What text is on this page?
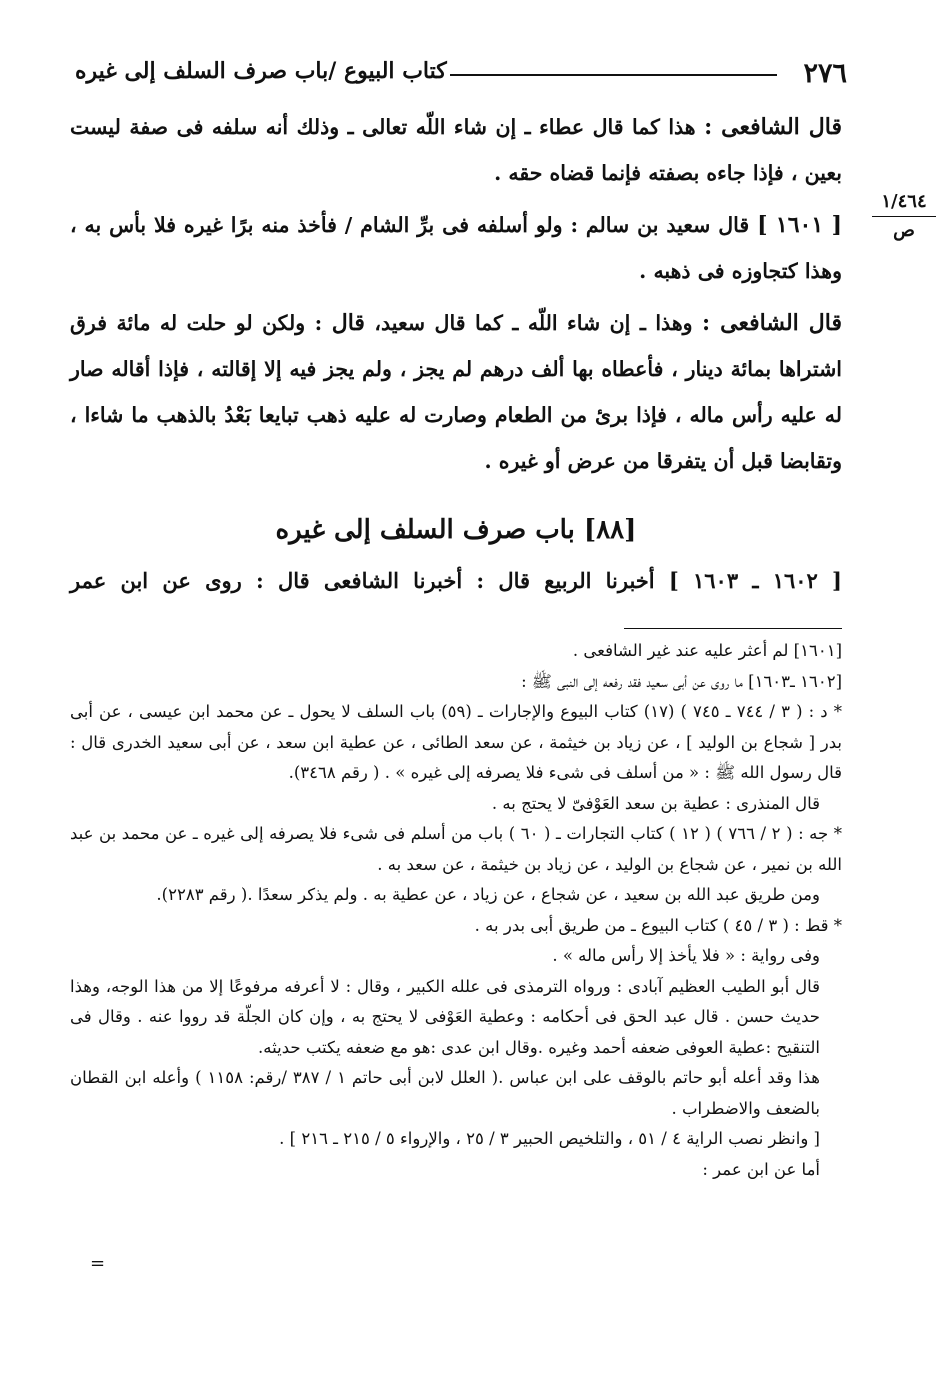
٢٧٦
كتاب البيوع /باب صرف السلف إلى غيره
١/٤٦٤
ص

قال الشافعى : هذا كما قال عطاء ـ إن شاء اللّه تعالى ـ وذلك أنه سلفه فى صفة ليست بعين ، فإذا جاءه بصفته فإنما قضاه حقه .

[ ١٦٠١ ] قال سعيد بن سالم : ولو أسلفه فى برِّ الشام / فأخذ منه برًا غيره فلا بأس به ، وهذا كتجاوزه فى ذهبه .

قال الشافعى : وهذا ـ إن شاء اللّه ـ كما قال سعيد، قال : ولكن لو حلت له مائة فرق اشتراها بمائة دينار ، فأعطاه بها ألف درهم لم يجز ، ولم يجز فيه إلا إقالته ، فإذا أقاله صار له عليه رأس ماله ، فإذا برئ من الطعام وصارت له عليه ذهب تبايعا بَعْدُ بالذهب ما شاءا ، وتقابضا قبل أن يتفرقا من عرض أو غيره .

[٨٨] باب صرف السلف إلى غيره
[ ١٦٠٢ ـ ١٦٠٣ ] أخبرنا الربيع قال : أخبرنا الشافعى قال : روى عن ابن عمر

[١٦٠١] لم أعثر عليه عند غير الشافعى .

[١٦٠٢ ـ١٦٠٣] ما روى عن أبى سعيد فقد رفعه إلى النبى ﷺ :

* د : ( ٣ / ٧٤٤ ـ ٧٤٥ ) (١٧) كتاب البيوع والإجارات ـ (٥٩) باب السلف لا يحول ـ عن محمد ابن عيسى ، عن أبى بدر [ شجاع بن الوليد ] ، عن زياد بن خيثمة ، عن سعد الطائى ، عن عطية ابن سعد ، عن أبى سعيد الخدرى قال : قال رسول الله ﷺ : « من أسلف فى شىء فلا يصرفه إلى غيره » . ( رقم ٣٤٦٨).

قال المنذرى : عطية بن سعد العَوْفىّ لا يحتج به .

* جه : ( ٢ / ٧٦٦ ) ( ١٢ ) كتاب التجارات ـ ( ٦٠ ) باب من أسلم فى شىء فلا يصرفه إلى غيره ـ عن محمد بن عبد الله بن نمير ، عن شجاع بن الوليد ، عن زياد بن خيثمة ، عن سعد به .

ومن طريق عبد الله بن سعيد ، عن شجاع ، عن زياد ، عن عطية به . ولم يذكر سعدًا .( رقم ٢٢٨٣).

* قط : ( ٣ / ٤٥ ) كتاب البيوع ـ من طريق أبى بدر به .

وفى رواية : « فلا يأخذ إلا رأس ماله » .

قال أبو الطيب العظيم آبادى : ورواه الترمذى فى علله الكبير ، وقال : لا أعرفه مرفوعًا إلا من هذا الوجه، وهذا حديث حسن . قال عبد الحق فى أحكامه : وعطية العَوْفى لا يحتج به ، وإن كان الجلّة قد رووا عنه . وقال فى التنقيح :عطية العوفى ضعفه أحمد وغيره .وقال ابن عدى :هو مع ضعفه يكتب حديثه.

هذا وقد أعله أبو حاتم بالوقف على ابن عباس .( العلل لابن أبى حاتم ١ / ٣٨٧ /رقم: ١١٥٨ ) وأعله ابن القطان بالضعف والاضطراب .

[ وانظر نصب الراية ٤ / ٥١ ، والتلخيص الحبير ٣ / ٢٥ ، والإرواء ٥ / ٢١٥ ـ ٢١٦ ] .

أما عن ابن عمر :

=
